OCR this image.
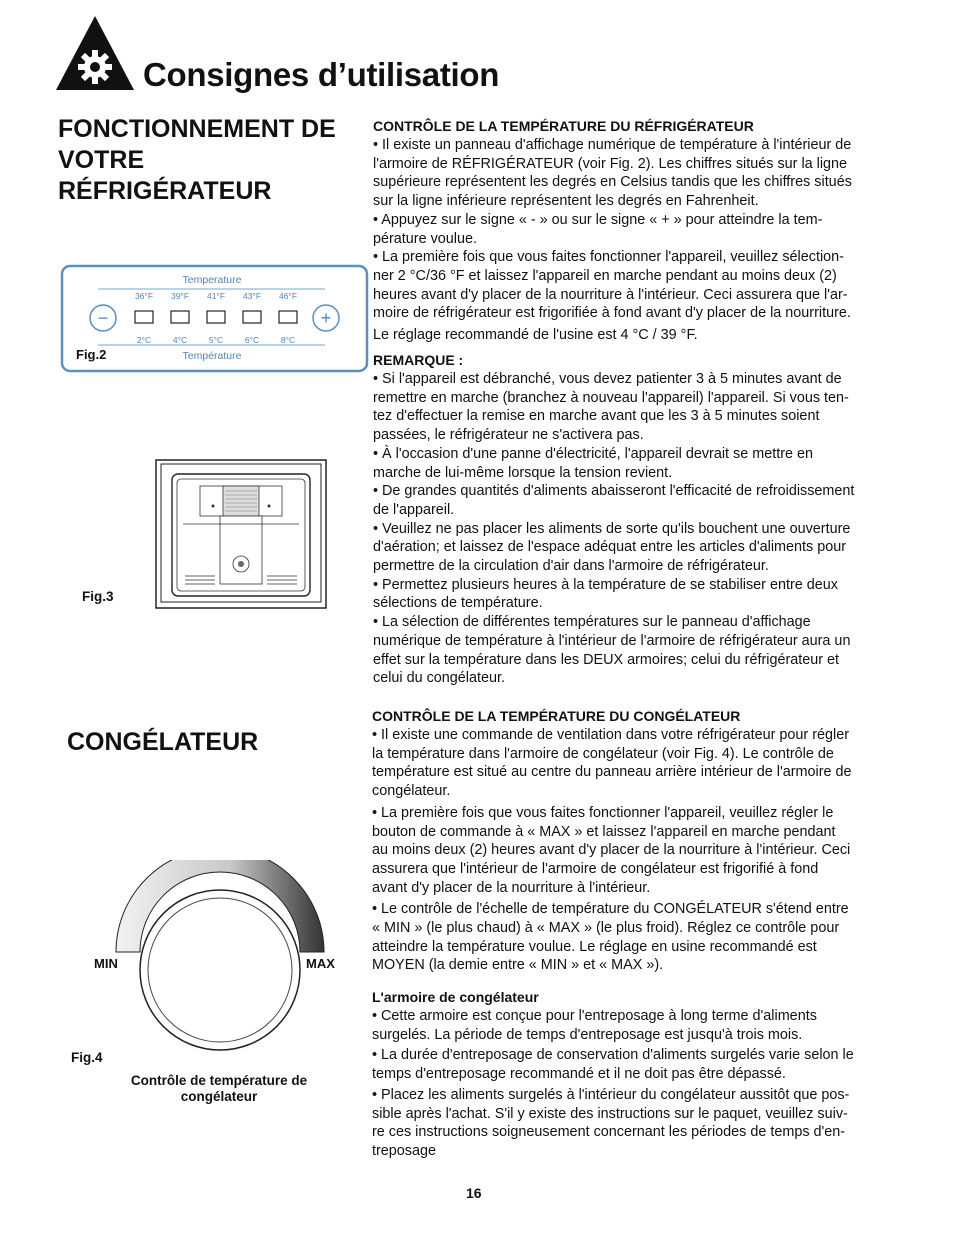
Consignes d’utilisation
FONCTIONNEMENT DE
VOTRE
RÉFRIGÉRATEUR
Temperature
Température
36°F
2°C
39°F
4°C
41°F
5°C
43°F
6°C
46°F
8°C
−	+
Fig.2
Fig.3
CONGÉLATEUR
MIN	MAX
Fig.4
Contrôle de température de
congélateur
CONTRÔLE DE LA TEMPÉRATURE DU RÉFRIGÉRATEUR

• Il existe un panneau d'affichage numérique de température à l'intérieur de
l'armoire de RÉFRIGÉRATEUR (voir Fig. 2). Les chiffres situés sur la ligne
supérieure représentent les degrés en Celsius tandis que les chiffres situés
sur la ligne inférieure représentent les degrés en Fahrenheit.

• Appuyez sur le signe « - » ou sur le signe « + » pour atteindre la tem-
pérature voulue.

• La première fois que vous faites fonctionner l'appareil, veuillez sélection-
ner 2 °C/36 °F et laissez l'appareil en marche pendant au moins deux (2)
heures avant d'y placer de la nourriture à l'intérieur. Ceci assurera que l'ar-
moire de réfrigérateur est frigorifiée à fond avant d'y placer de la nourriture.

Le réglage recommandé de l'usine est 4 °C / 39 °F.

REMARQUE :

• Si l'appareil est débranché, vous devez patienter 3 à 5 minutes avant de
remettre en marche (branchez à nouveau l'appareil) l'appareil. Si vous ten-
tez d'effectuer la remise en marche avant que les 3 à 5 minutes soient
passées, le réfrigérateur ne s'activera pas.

• À l'occasion d'une panne d'électricité, l'appareil devrait se mettre en
marche de lui-même lorsque la tension revient.

• De grandes quantités d'aliments abaisseront l'efficacité de refroidissement
de l'appareil.

• Veuillez ne pas placer les aliments de sorte qu'ils bouchent une ouverture
d'aération; et laissez de l'espace adéquat entre les articles d'aliments pour
permettre de la circulation d'air dans l'armoire de réfrigérateur.

• Permettez plusieurs heures à la température de se stabiliser entre deux
sélections de température.

• La sélection de différentes températures sur le panneau d'affichage
numérique de température à l'intérieur de l'armoire de réfrigérateur aura un
effet sur la température dans les DEUX armoires; celui du réfrigérateur et
celui du congélateur.

CONTRÔLE DE LA TEMPÉRATURE DU CONGÉLATEUR

• Il existe une commande de ventilation dans votre réfrigérateur pour régler
la température dans l'armoire de congélateur (voir Fig. 4). Le contrôle de
température est situé au centre du panneau arrière intérieur de l'armoire de
congélateur.

• La première fois que vous faites fonctionner l'appareil, veuillez régler le
bouton de commande à « MAX » et laissez l'appareil en marche pendant
au moins deux (2) heures avant d'y placer de la nourriture à l'intérieur. Ceci
assurera que l'intérieur de l'armoire de congélateur est frigorifié à fond
avant d'y placer de la nourriture à l'intérieur.

• Le contrôle de l'échelle de température du CONGÉLATEUR s'étend entre
« MIN » (le plus chaud) à « MAX » (le plus froid). Réglez ce contrôle pour
atteindre la température voulue. Le réglage en usine recommandé est
MOYEN (la demie entre « MIN » et « MAX »).

L'armoire de congélateur

• Cette armoire est conçue pour l'entreposage à long terme d'aliments
surgelés. La période de temps d'entreposage est jusqu'à trois mois.

• La durée d'entreposage de conservation d'aliments surgelés varie selon le
temps d'entreposage recommandé et il ne doit pas être dépassé.

• Placez les aliments surgelés à l'intérieur du congélateur aussitôt que pos-
sible après l'achat. S'il y existe des instructions sur le paquet, veuillez suiv-
re ces instructions soigneusement concernant les périodes de temps d'en-
treposage

16
